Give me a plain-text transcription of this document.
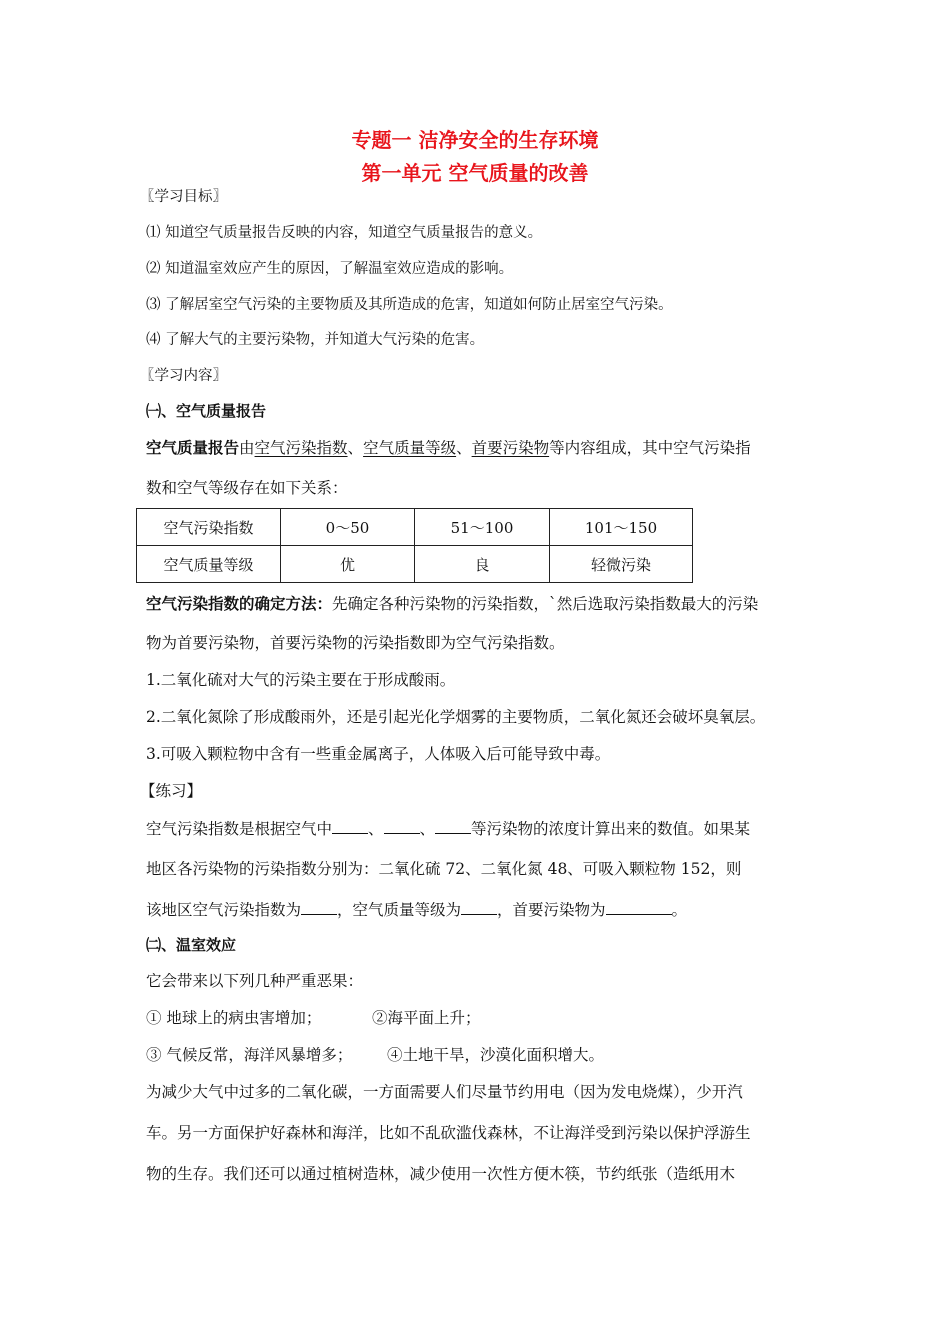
专题一 洁净安全的生存环境
第一单元 空气质量的改善
〖学习目标〗
⑴ 知道空气质量报告反映的内容，知道空气质量报告的意义。
⑵ 知道温室效应产生的原因，了解温室效应造成的影响。
⑶ 了解居室空气污染的主要物质及其所造成的危害，知道如何防止居室空气污染。
⑷ 了解大气的主要污染物，并知道大气污染的危害。
〖学习内容〗
㈠、空气质量报告
空气质量报告由空气污染指数、空气质量等级、首要污染物等内容组成，其中空气污染指
数和空气等级存在如下关系：
空气污染指数	0～50	51～100	101～150
空气质量等级	优	良	轻微污染
空气污染指数的确定方法：先确定各种污染物的污染指数，`然后选取污染指数最大的污染
物为首要污染物，首要污染物的污染指数即为空气污染指数。
1.二氧化硫对大气的污染主要在于形成酸雨。
2.二氧化氮除了形成酸雨外，还是引起光化学烟雾的主要物质，二氧化氮还会破坏臭氧层。
3.可吸入颗粒物中含有一些重金属离子，人体吸入后可能导致中毒。
【练习】
空气污染指数是根据空气中 、 、 等污染物的浓度计算出来的数值。如果某
地区各污染物的污染指数分别为：二氧化硫 72、二氧化氮 48、可吸入颗粒物 152，则
该地区空气污染指数为 ，空气质量等级为 ，首要污染物为	。
㈡、温室效应
它会带来以下列几种严重恶果：
① 地球上的病虫害增加；	②海平面上升；
③ 气候反常，海洋风暴增多； ④土地干旱，沙漠化面积增大。
为减少大气中过多的二氧化碳，一方面需要人们尽量节约用电（因为发电烧煤），少开汽
车。另一方面保护好森林和海洋，比如不乱砍滥伐森林，不让海洋受到污染以保护浮游生
物的生存。我们还可以通过植树造林，减少使用一次性方便木筷，节约纸张（造纸用木
